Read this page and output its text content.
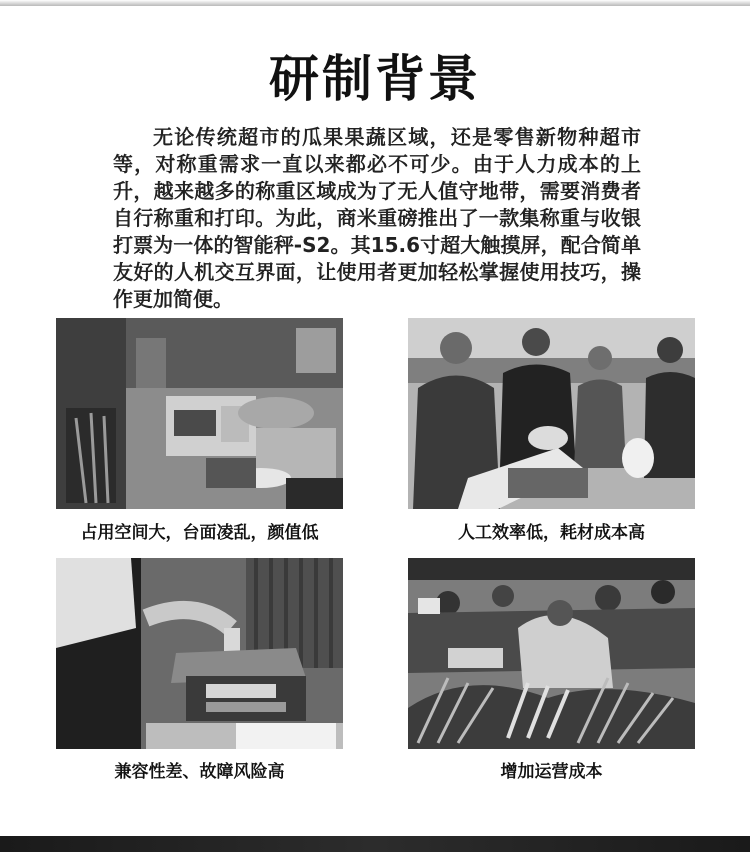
研制背景

无论传统超市的瓜果果蔬区域，还是零售新物种超市等，对称重需求一直以来都必不可少。由于人力成本的上升，越来越多的称重区域成为了无人值守地带，需要消费者自行称重和打印。为此，商米重磅推出了一款集称重与收银打票为一体的智能秤-S2。其15.6寸超大触摸屏，配合简单友好的人机交互界面，让使用者更加轻松掌握使用技巧，操作更加简便。

占用空间大，台面凌乱，颜值低	人工效率低，耗材成本高
兼容性差、故障风险高	增加运营成本
